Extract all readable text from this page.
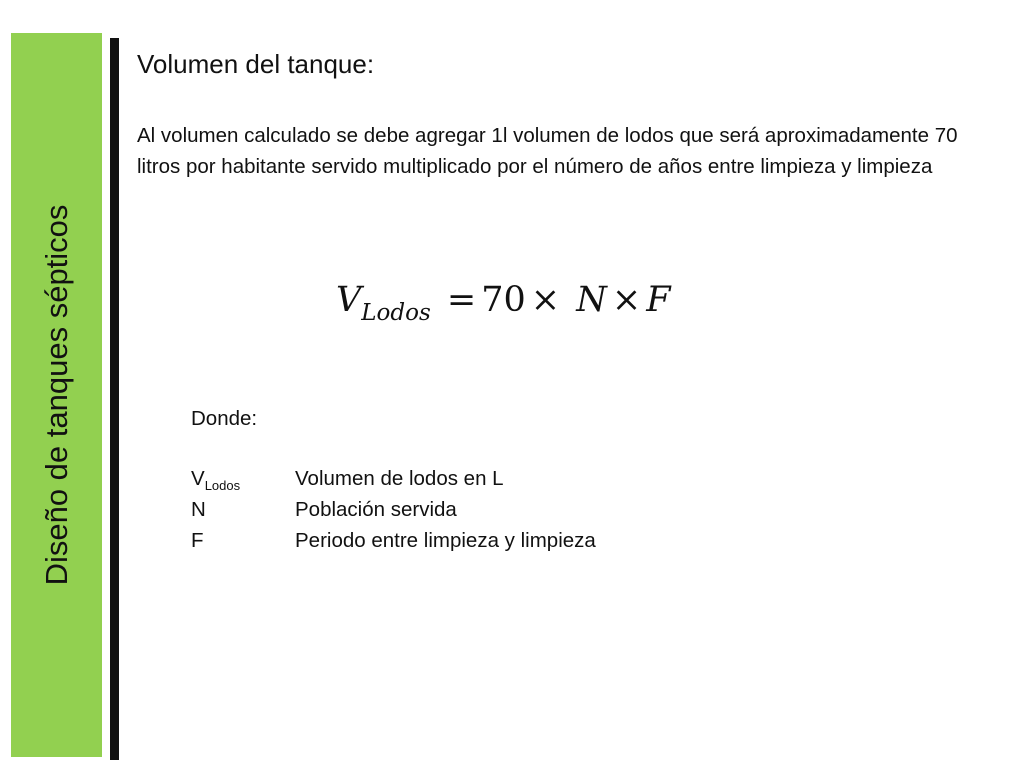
Diseño de tanques sépticos
Volumen del tanque:
Al volumen calculado se debe agregar 1l volumen de lodos que será aproximadamente 70 litros por habitante servido multiplicado por el número de años entre limpieza y limpieza
$V_{Lodos} = 70 \times N \times F$
Donde:
$V_{Lodos}$	Volumen de lodos en L
N	Población servida
F	Periodo entre limpieza y limpieza
